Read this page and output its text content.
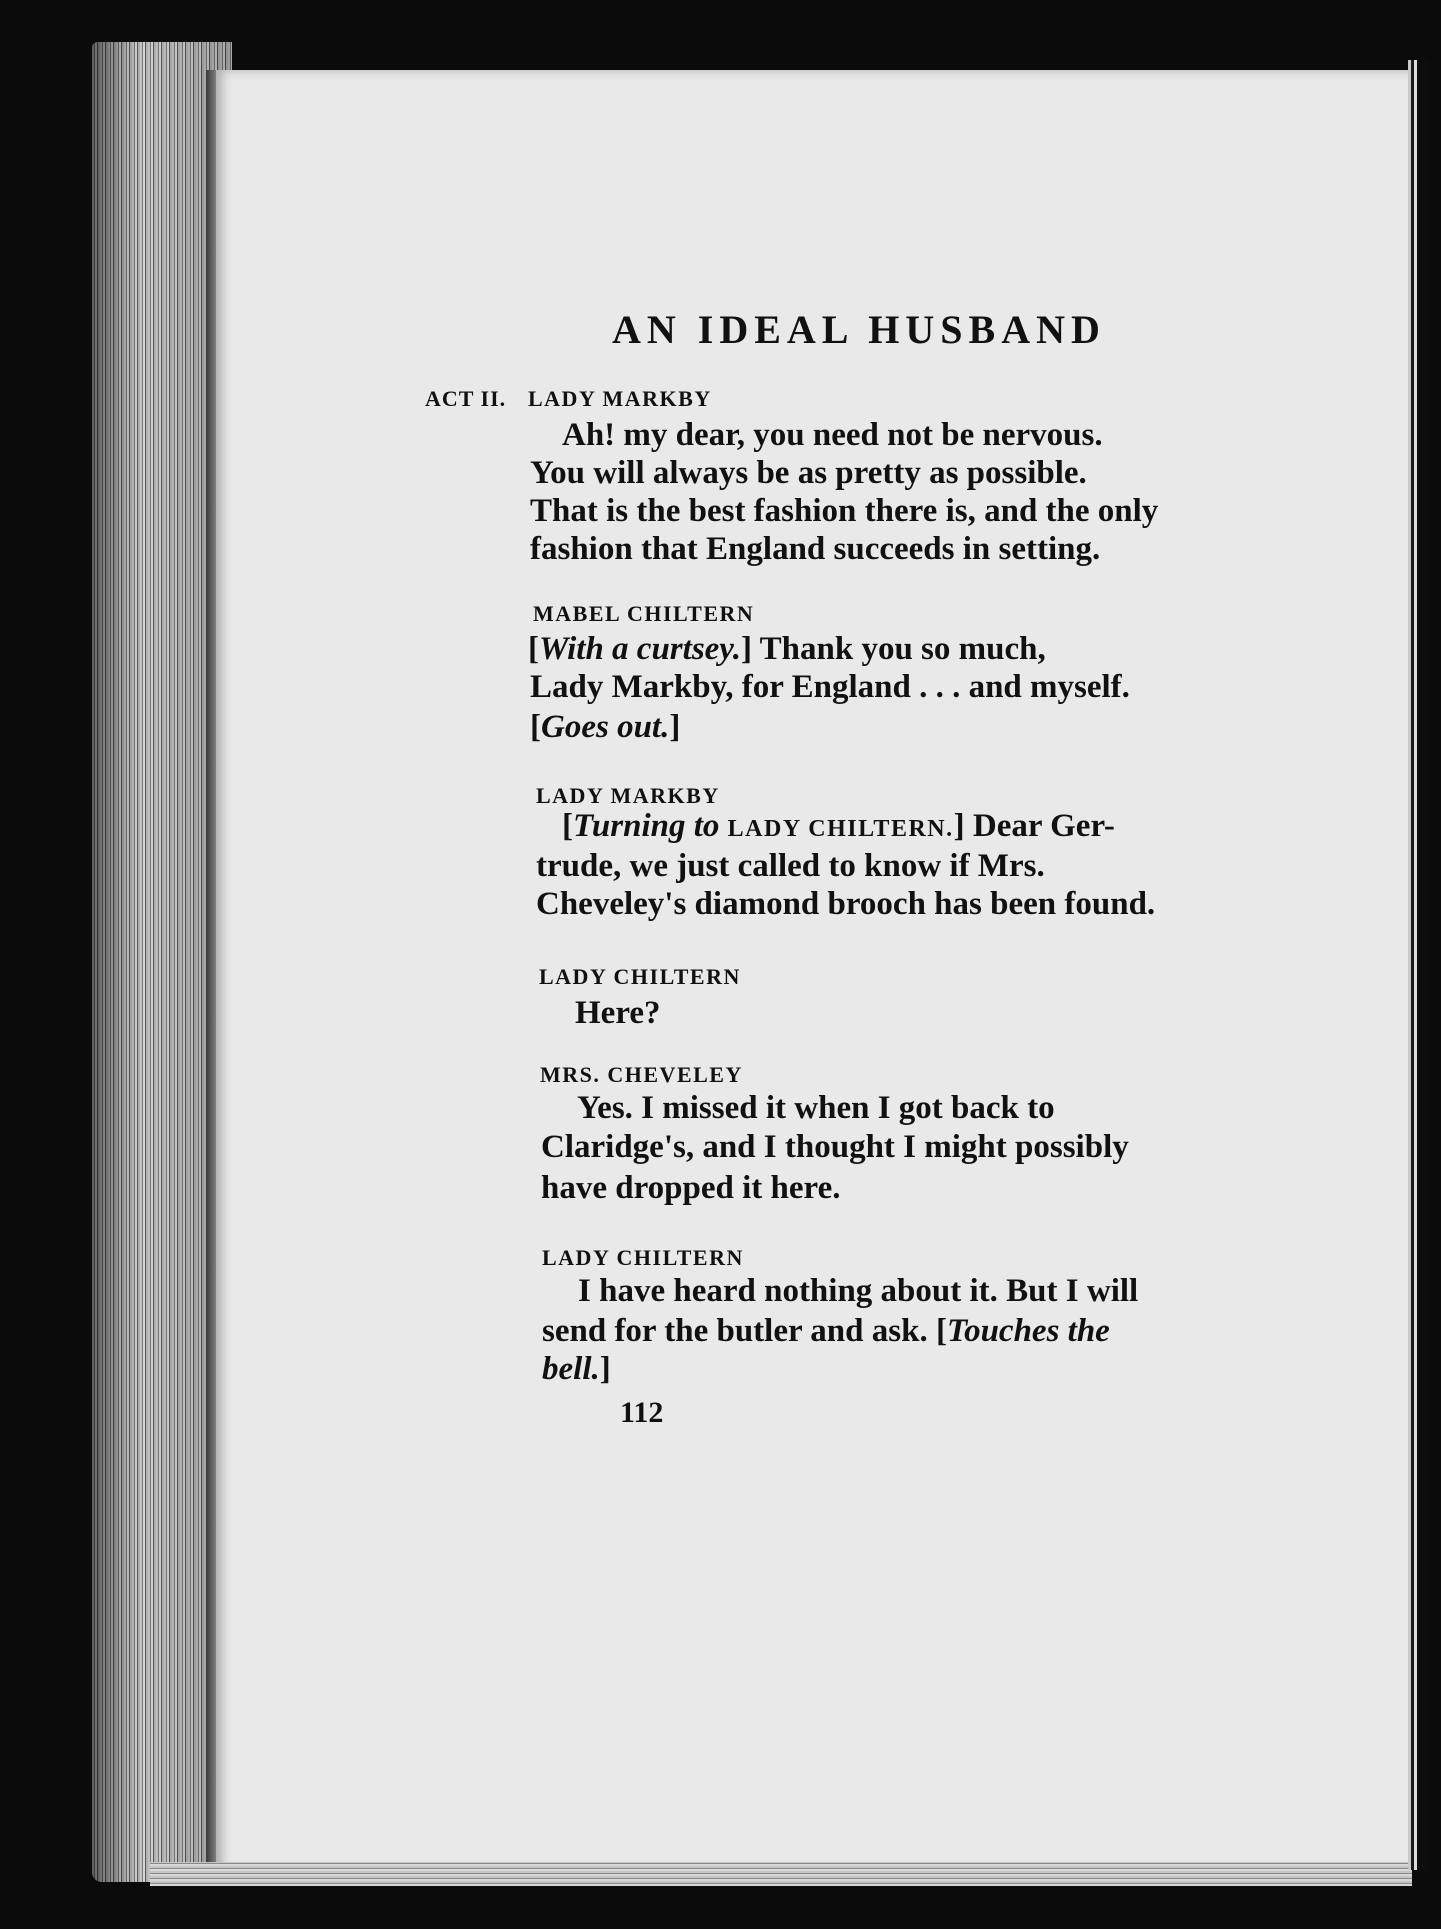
AN IDEAL HUSBAND
ACT II. LADY MARKBY
Ah! my dear, you need not be nervous.
You will always be as pretty as possible.
That is the best fashion there is, and the only
fashion that England succeeds in setting.
MABEL CHILTERN
[With a curtsey.] Thank you so much,
Lady Markby, for England . . . and myself.
[Goes out.]
LADY MARKBY
[Turning to LADY CHILTERN.] Dear Ger-
trude, we just called to know if Mrs.
Cheveley's diamond brooch has been found.
LADY CHILTERN
Here?
MRS. CHEVELEY
Yes. I missed it when I got back to
Claridge's, and I thought I might possibly
have dropped it here.
LADY CHILTERN
I have heard nothing about it. But I will
send for the butler and ask. [Touches the
bell.]
112
